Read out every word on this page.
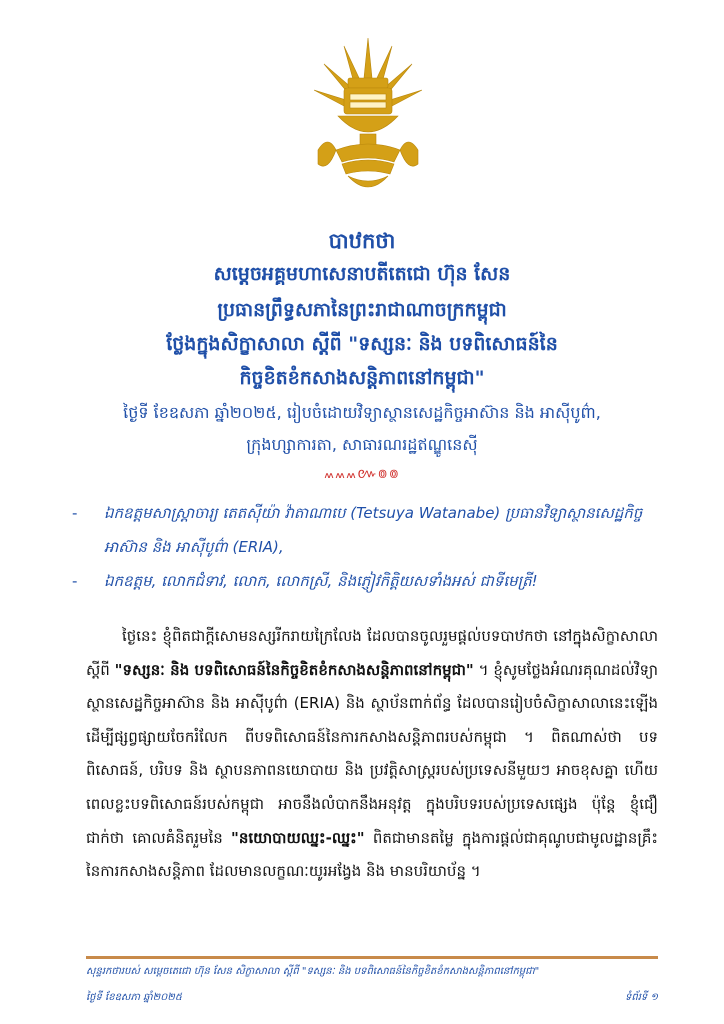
បាឋកថា
សម្ដេចអគ្គមហាសេនាបតីតេជោ ហ៊ុន សែន
ប្រធានព្រឹទ្ធសភានៃព្រះរាជាណាចក្រកម្ពុជា
ថ្លែងក្នុងសិក្ខាសាលា ស្ដីពី "ទស្សនៈ និង បទពិសោធន៍នៃ
កិច្ចខិតខំកសាងសន្តិភាពនៅកម្ពុជា"
ថ្ងៃទី ខែឧសភា ឆ្នាំ២០២៥, រៀបចំដោយវិទ្យាស្ថានសេដ្ឋកិច្ចអាស៊ាន និង អាស៊ីបូព៌ា,
ក្រុងហ្សាការតា, សាធារណរដ្ឋឥណ្ឌូនេស៊ី
៳៳៳៚៙៙
- ឯកឧត្តមសាស្ត្រាចារ្យ តេតស៊ីយ៉ា វ៉ាតាណាបេ (Tetsuya Watanabe) ប្រធានវិទ្យាស្ថានសេដ្ឋកិច្ចអាស៊ាន និង អាស៊ីបូព៌ា (ERIA),
- ឯកឧត្តម, លោកជំទាវ, លោក, លោកស្រី, និងភ្ញៀវកិត្តិយសទាំងអស់ ជាទីមេត្រី!
ថ្ងៃនេះ ខ្ញុំពិតជាក្ដីសោមនស្សរីករាយក្រៃលែង ដែលបានចូលរួមផ្ដល់បទបាឋកថា នៅក្នុងសិក្ខាសាលា ស្ដីពី "ទស្សនៈ និង បទពិសោធន៍នៃកិច្ចខិតខំកសាងសន្តិភាពនៅកម្ពុជា" ។ ខ្ញុំសូមថ្លែងអំណរគុណដល់វិទ្យាស្ថានសេដ្ឋកិច្ចអាស៊ាន និង អាស៊ីបូព៌ា (ERIA) និង ស្ថាប័នពាក់ព័ន្ធ ដែលបានរៀបចំសិក្ខាសាលានេះឡើង ដើម្បីផ្សព្វផ្សាយចែករំលែក ពីបទពិសោធន៍នៃការកសាងសន្តិភាពរបស់កម្ពុជា ។ ពិតណាស់ថា បទពិសោធន៍, បរិបទ និង ស្ថាបនភាពនយោបាយ និង ប្រវត្តិសាស្ត្ររបស់ប្រទេសនីមួយៗ អាចខុសគ្នា ហើយពេលខ្លះបទពិសោធន៍របស់កម្ពុជា អាចនឹងលំបាកនឹងអនុវត្ត ក្នុងបរិបទរបស់ប្រទេសផ្សេង ប៉ុន្តែ ខ្ញុំជឿជាក់ថា គោលគំនិតរួមនៃ "នយោបាយឈ្នះ-ឈ្នះ" ពិតជាមានតម្លៃ ក្នុងការផ្ដល់ជាគុណូបជាមូលដ្ឋានគ្រឹះ នៃការកសាងសន្តិភាព ដែលមានលក្ខណៈយូរអង្វែង និង មានបរិយាប័ន្ន ។
សុន្ទរកថារបស់ សម្ដេចតេជោ ហ៊ុន សែន សិក្ខាសាលា ស្ដីពី "ទស្សនៈ និង បទពិសោធន៍នៃកិច្ចខិតខំកសាងសន្តិភាពនៅកម្ពុជា"
ថ្ងៃទី ខែឧសភា ឆ្នាំ២០២៥	ទំព័រទី ១
